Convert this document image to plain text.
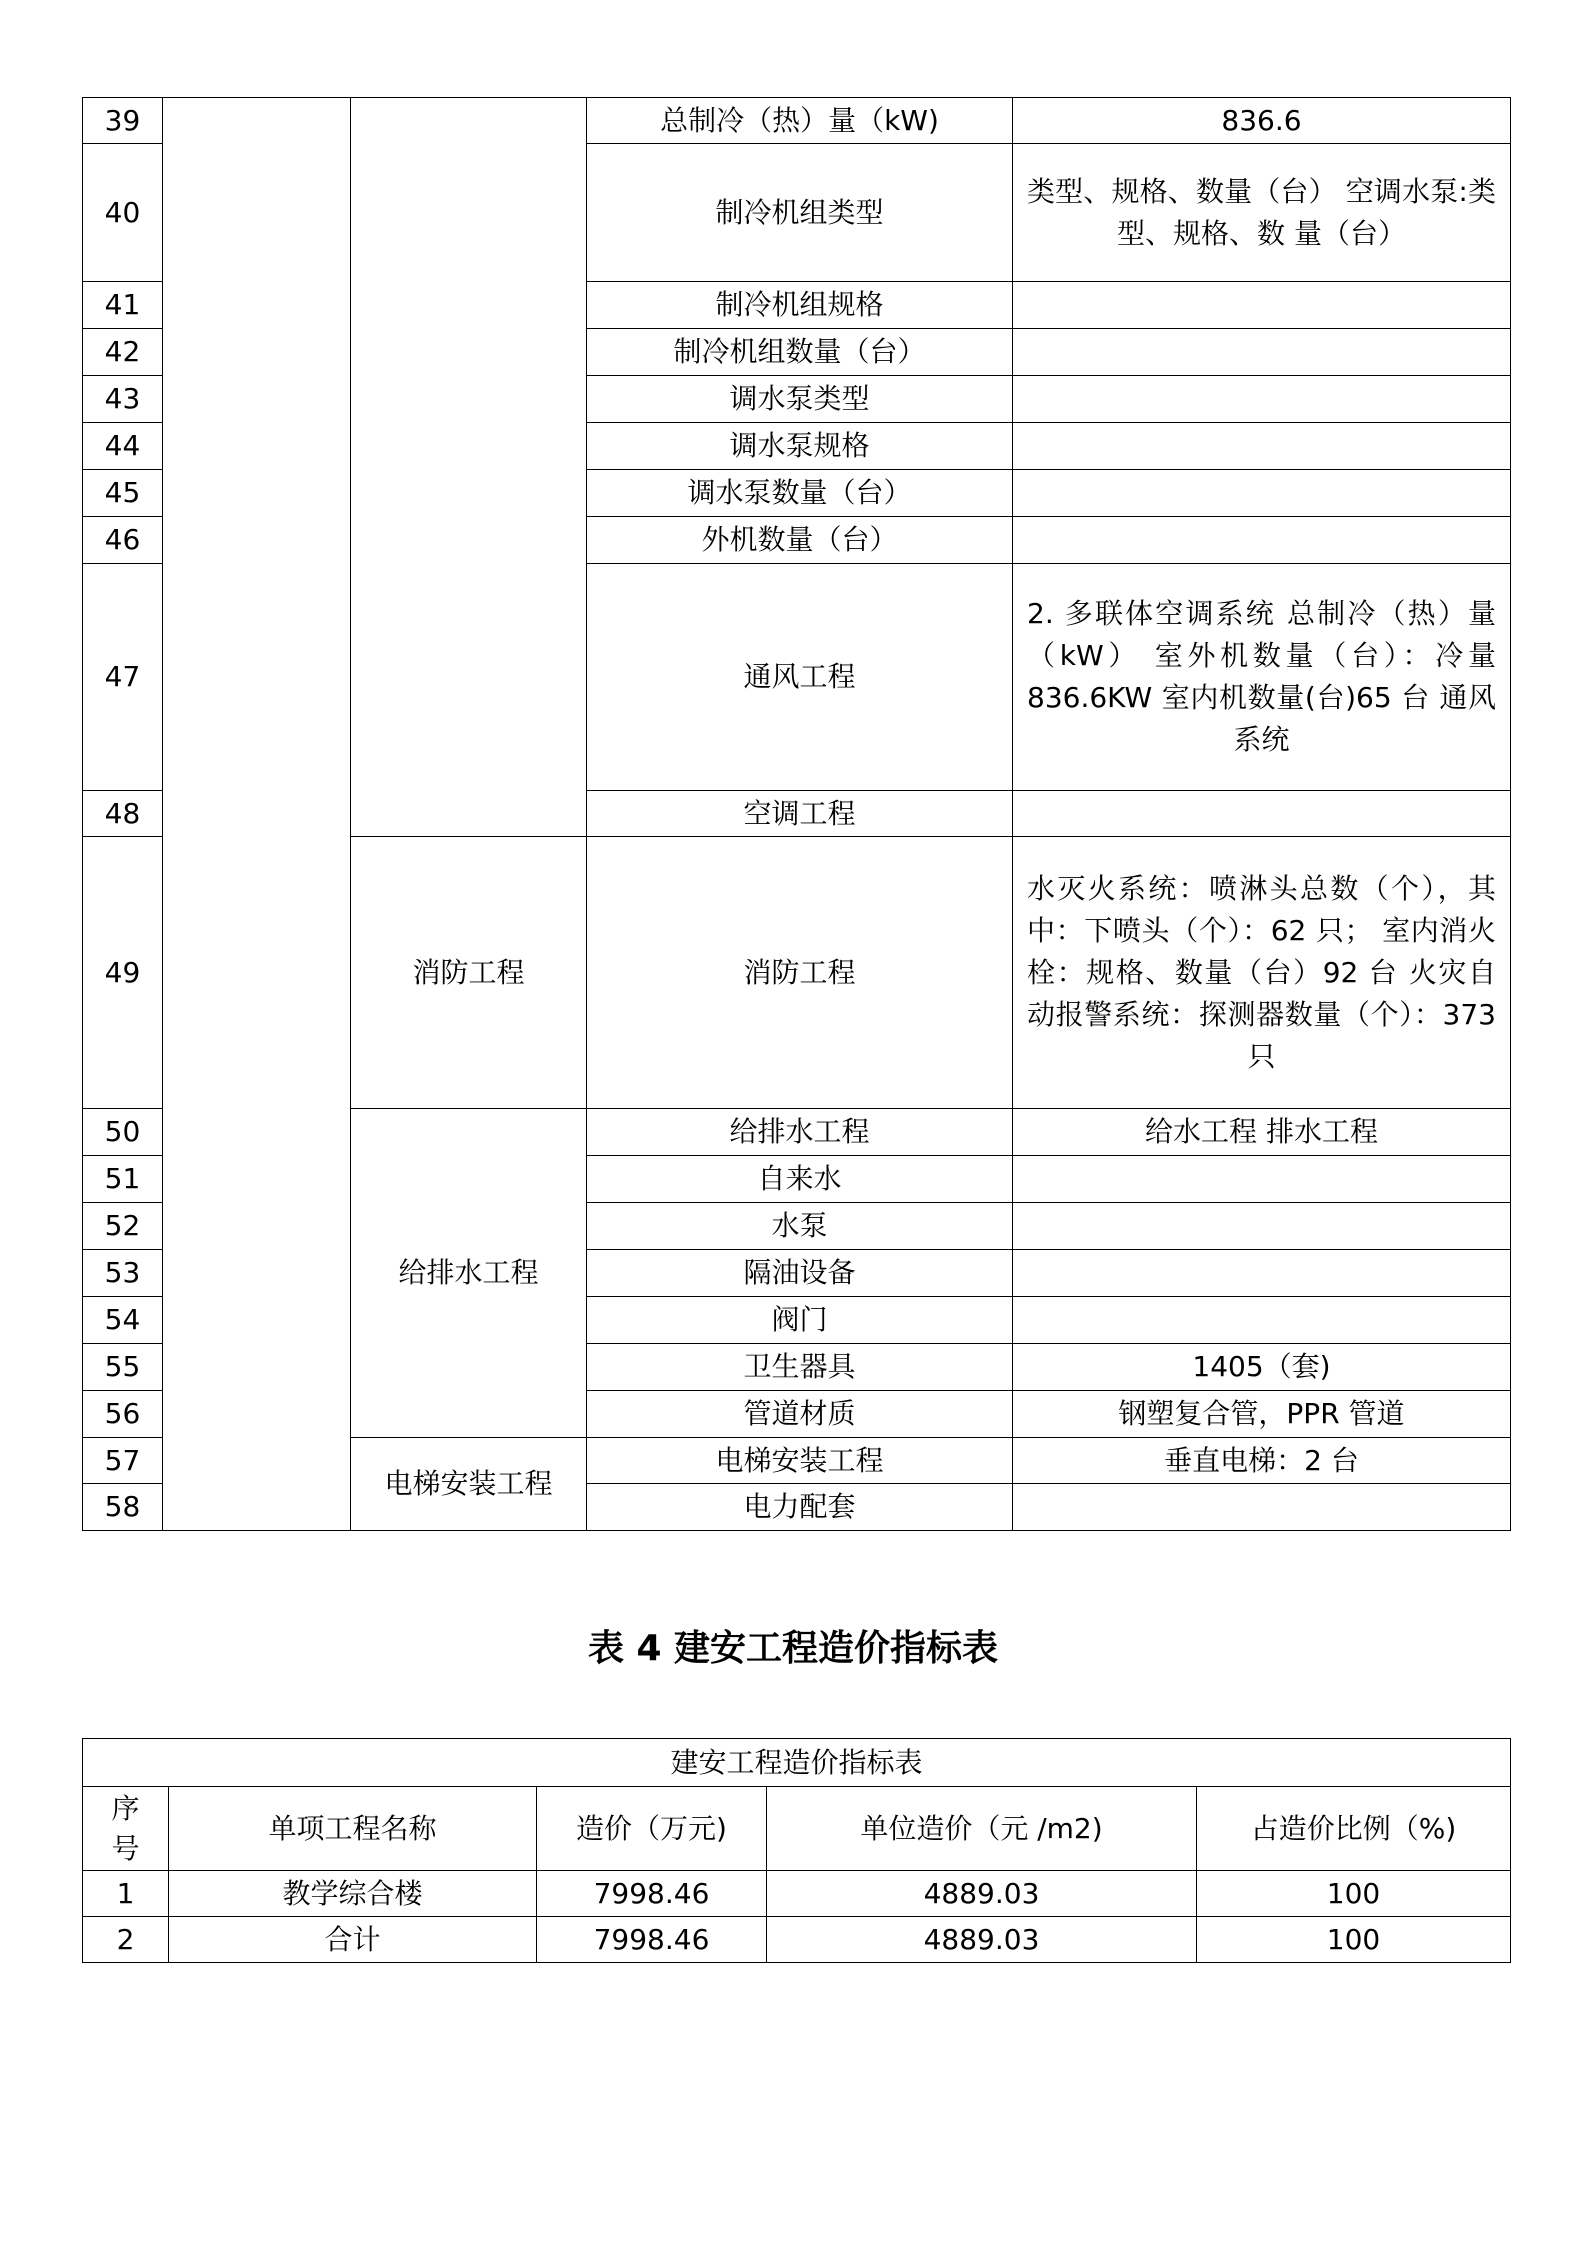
39			总制冷（热）量（kW)	836.6
40			制冷机组类型	类型、规格、数量（台） 空调水泵:类型、规格、数 量（台）
41			制冷机组规格	
42			制冷机组数量（台）	
43			调水泵类型	
44			调水泵规格	
45			调水泵数量（台）	
46			外机数量（台）	
47			通风工程	2. 多联体空调系统 总制冷（热）量（kW） 室外机数量（台）：冷量 836.6KW 室内机数量(台)65 台 通风系统
48			空调工程	
49		消防工程	消防工程	水灭火系统：喷淋头总数（个），其中：下喷头（个）：62 只； 室内消火栓：规格、数量（台）92 台 火灾自动报警系统：探测器数量（个）：373 只
50		给排水工程	给排水工程	给水工程 排水工程
51			自来水	
52			水泵	
53			隔油设备	
54			阀门	
55			卫生器具	1405（套)
56			管道材质	钢塑复合管，PPR 管道
57		电梯安装工程	电梯安装工程	垂直电梯：2 台
58			电力配套	
表 4 建安工程造价指标表
建安工程造价指标表				
序号	单项工程名称	造价（万元)	单位造价（元 /m2)	占造价比例（%)
1	教学综合楼	7998.46	4889.03	100
2	合计	7998.46	4889.03	100
